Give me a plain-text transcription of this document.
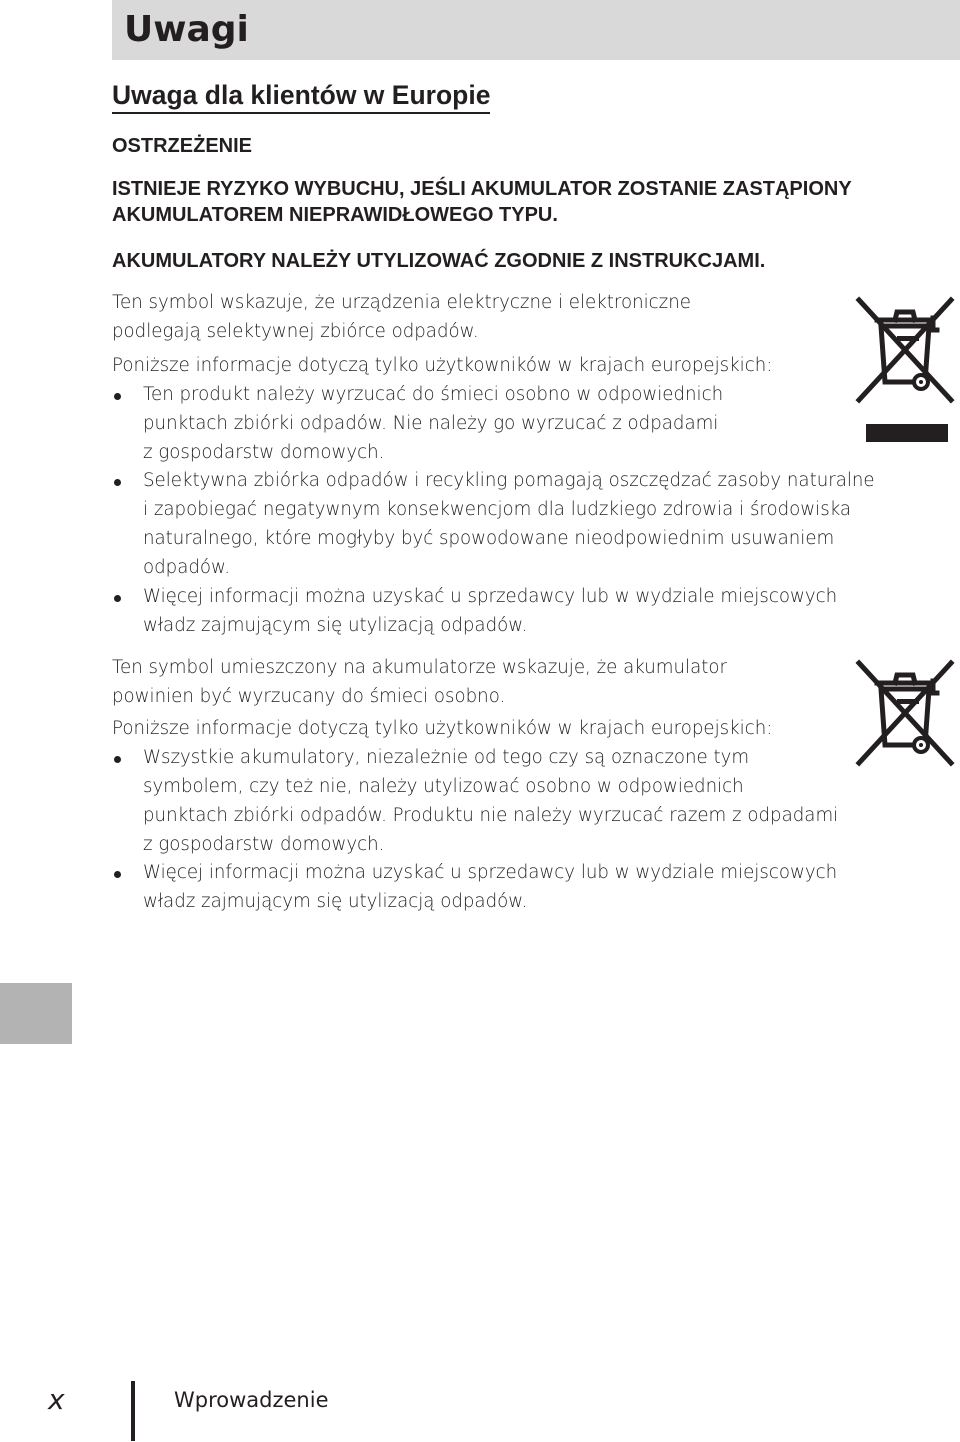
Uwagi
Uwaga dla klientów w Europie
OSTRZEŻENIE
ISTNIEJE RYZYKO WYBUCHU, JEŚLI AKUMULATOR ZOSTANIE ZASTĄPIONY
AKUMULATOREM NIEPRAWIDŁOWEGO TYPU.
AKUMULATORY NALEŻY UTYLIZOWAĆ ZGODNIE Z INSTRUKCJAMI.
Ten symbol wskazuje, że urządzenia elektryczne i elektroniczne
podlegają selektywnej zbiórce odpadów.
Poniższe informacje dotyczą tylko użytkowników w krajach europejskich:
Ten produkt należy wyrzucać do śmieci osobno w odpowiednich
punktach zbiórki odpadów. Nie należy go wyrzucać z odpadami
z gospodarstw domowych.
Selektywna zbiórka odpadów i recykling pomagają oszczędzać zasoby naturalne
i zapobiegać negatywnym konsekwencjom dla ludzkiego zdrowia i środowiska
naturalnego, które mogłyby być spowodowane nieodpowiednim usuwaniem
odpadów.
Więcej informacji można uzyskać u sprzedawcy lub w wydziale miejscowych
władz zajmującym się utylizacją odpadów.
Ten symbol umieszczony na akumulatorze wskazuje, że akumulator
powinien być wyrzucany do śmieci osobno.
Poniższe informacje dotyczą tylko użytkowników w krajach europejskich:
Wszystkie akumulatory, niezależnie od tego czy są oznaczone tym
symbolem, czy też nie, należy utylizować osobno w odpowiednich
punktach zbiórki odpadów. Produktu nie należy wyrzucać razem z odpadami
z gospodarstw domowych.
Więcej informacji można uzyskać u sprzedawcy lub w wydziale miejscowych
władz zajmującym się utylizacją odpadów.
x	Wprowadzenie
